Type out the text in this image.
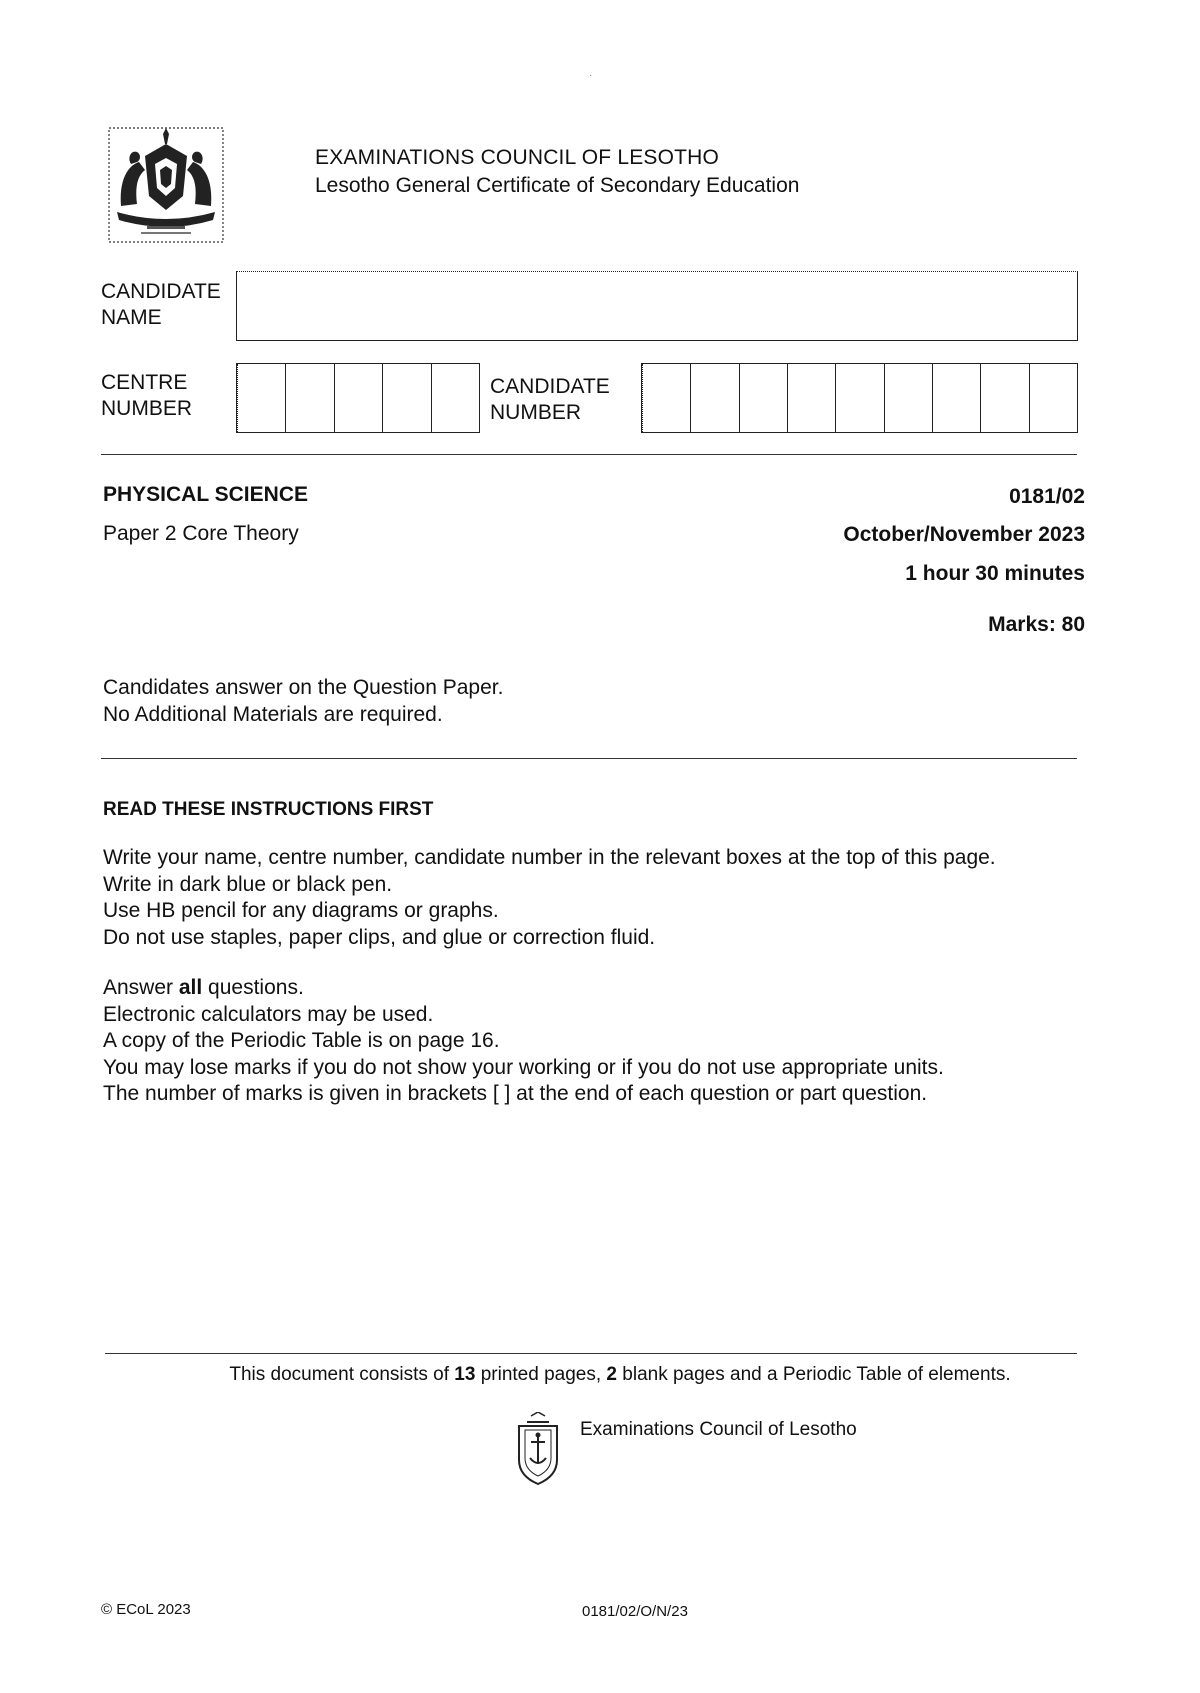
·
EXAMINATIONS COUNCIL OF LESOTHO
Lesotho General Certificate of Secondary Education
CANDIDATE
NAME
CENTRE
NUMBER
CANDIDATE
NUMBER
PHYSICAL SCIENCE
Paper 2 Core Theory
0181/02
October/November 2023
1 hour 30 minutes
Marks: 80
Candidates answer on the Question Paper.
No Additional Materials are required.
READ THESE INSTRUCTIONS FIRST
Write your name, centre number, candidate number in the relevant boxes at the top of this page.
Write in dark blue or black pen.
Use HB pencil for any diagrams or graphs.
Do not use staples, paper clips, and glue or correction fluid.
Answer all questions.
Electronic calculators may be used.
A copy of the Periodic Table is on page 16.
You may lose marks if you do not show your working or if you do not use appropriate units.
The number of marks is given in brackets [ ] at the end of each question or part question.
This document consists of 13 printed pages, 2 blank pages and a Periodic Table of elements.
Examinations Council of Lesotho
© ECoL 2023	0181/02/O/N/23
